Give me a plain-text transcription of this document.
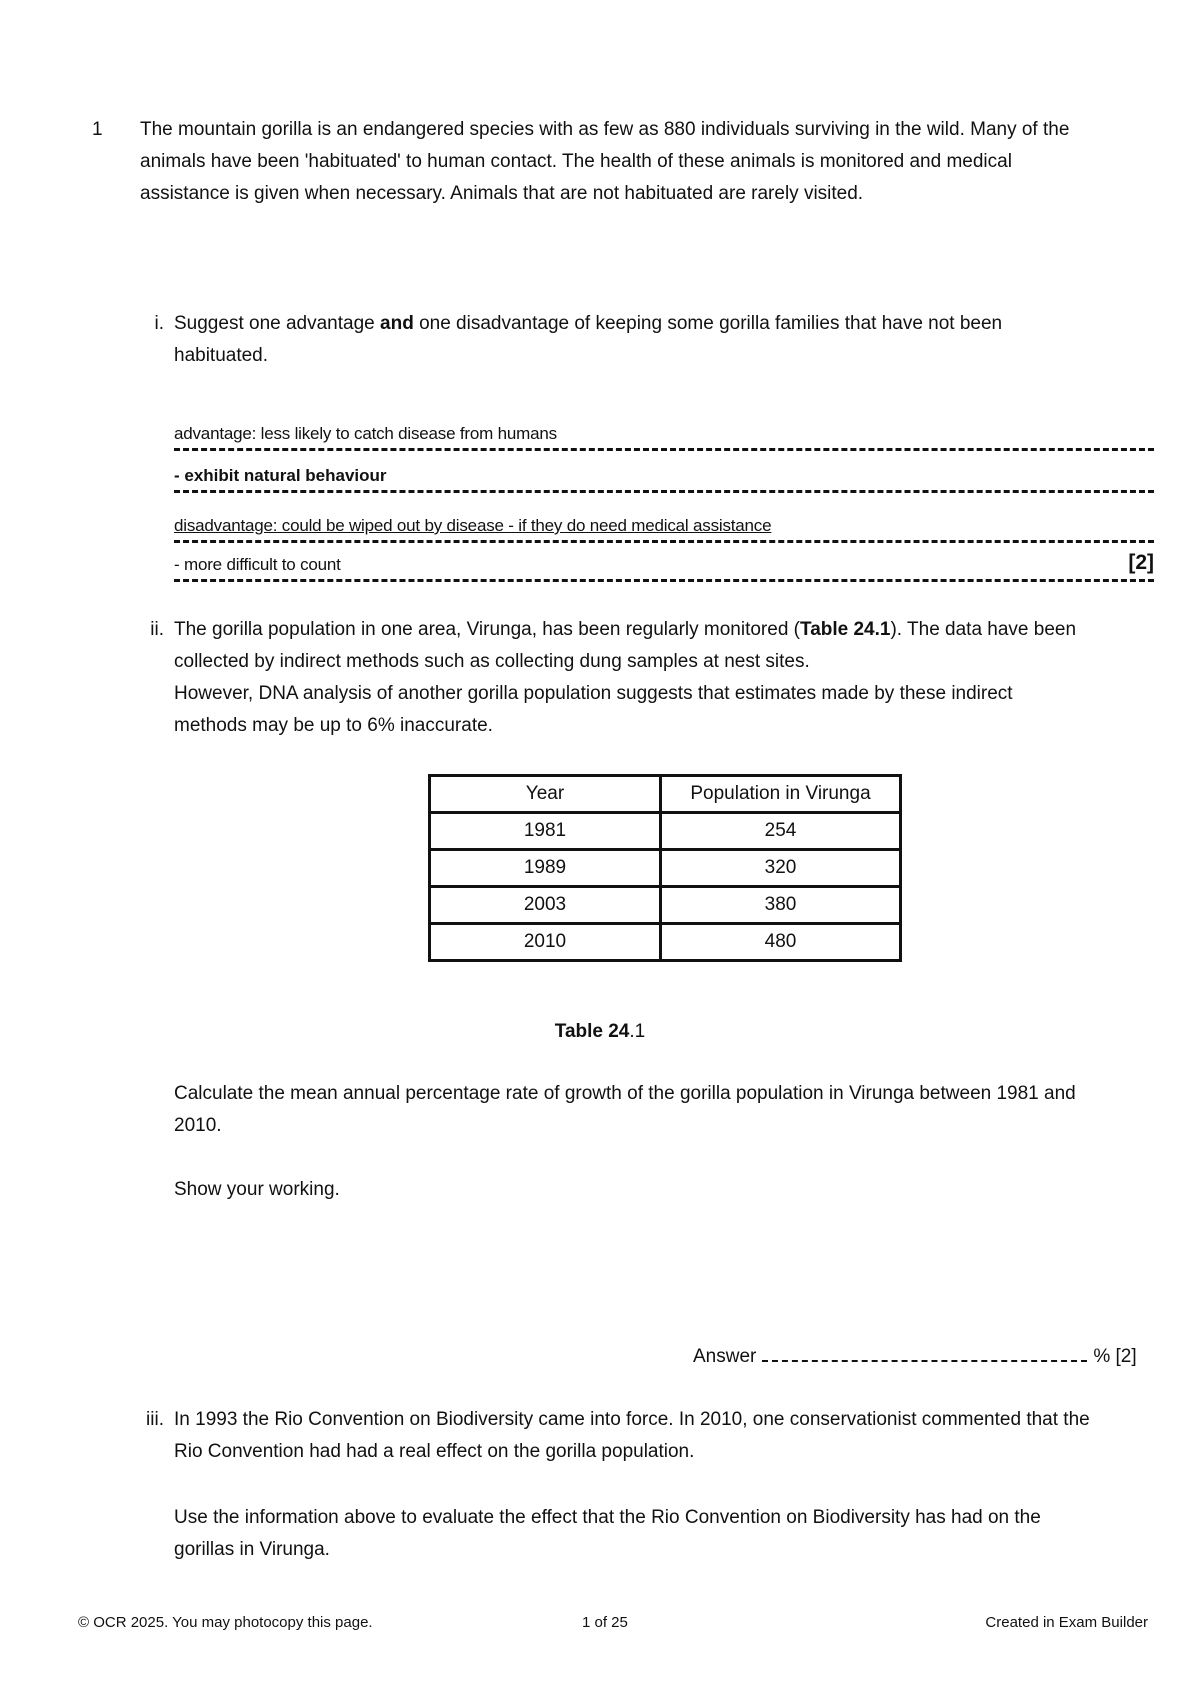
1 The mountain gorilla is an endangered species with as few as 880 individuals surviving in the wild. Many of the
animals have been 'habituated' to human contact. The health of these animals is monitored and medical
assistance is given when necessary. Animals that are not habituated are rarely visited.
i. Suggest one advantage and one disadvantage of keeping some gorilla families that have not been
habituated.
advantage: less likely to catch disease from humans
- exhibit natural behaviour
disadvantage: could be wiped out by disease - if they do need medical assistance
- more difficult to count	[2]
ii. The gorilla population in one area, Virunga, has been regularly monitored (Table 24.1). The data have been
collected by indirect methods such as collecting dung samples at nest sites.
However, DNA analysis of another gorilla population suggests that estimates made by these indirect
methods may be up to 6% inaccurate.
Year	Population in Virunga
1981	254
1989	320
2003	380
2010	480
Table 24.1
Calculate the mean annual percentage rate of growth of the gorilla population in Virunga between 1981 and
2010.
Show your working.
Answer	% [2]
iii. In 1993 the Rio Convention on Biodiversity came into force. In 2010, one conservationist commented that the
Rio Convention had had a real effect on the gorilla population.
Use the information above to evaluate the effect that the Rio Convention on Biodiversity has had on the
gorillas in Virunga.
© OCR 2025. You may photocopy this page.	1 of 25	Created in Exam Builder
